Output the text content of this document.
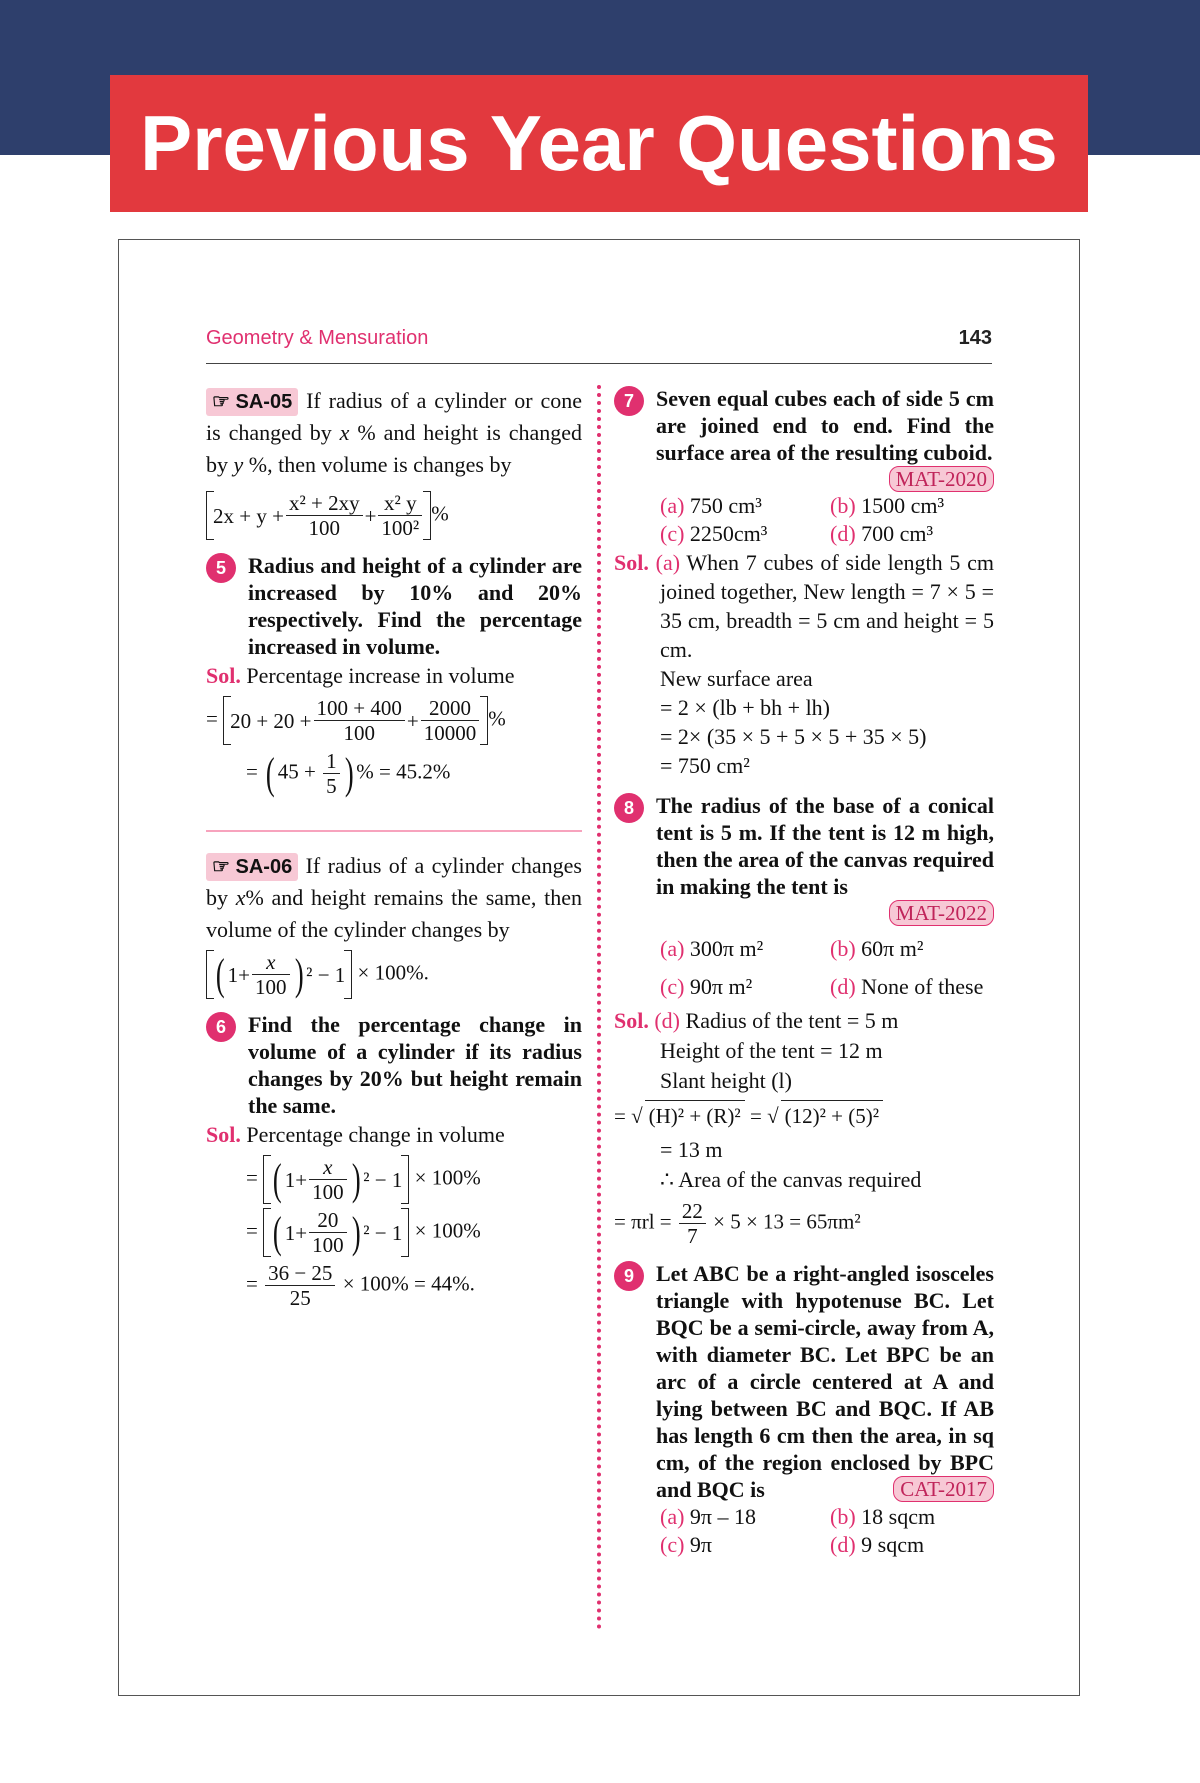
Previous Year Questions
Geometry & Mensuration	143

☞ SA-05 If radius of a cylinder or cone is changed by x % and height is changed by y %, then volume is changes by

$2x + y + \frac{\text{x² + 2xy}}{100} + \frac{\text{x² y}}{\text{100²}}$ %
5	Radius and height of a cylinder are increased by 10% and 20% respectively. Find the percentage increased in volume.

Sol. Percentage increase in volume

= $20 + 20 + \frac{100 + 400}{100} + \frac{2000}{10000}$ %
= ( $45 + \frac{1}{5}$ ) % = 45.2%

☞ SA-06 If radius of a cylinder changes by x% and height remains the same, then volume of the cylinder changes by

( $1+ \frac{x}{100}$ ) ² − 1 × 100%.
6	Find the percentage change in volume of a cylinder if its radius changes by 20% but height remain the same.

Sol. Percentage change in volume

= ( $1+ \frac{x}{100}$ ) ² − 1 × 100%
= ( $1+ \frac{20}{100}$ ) ² − 1 × 100%
= $\frac{36 - 25}{25} \times 100\% = 44\%$.
7	Seven equal cubes each of side 5 cm are joined end to end. Find the surface area of the resulting cuboid.
MAT-2020
(a) 750 cm³	(b) 1500 cm³
(c) 2250cm³	(d) 700 cm³

Sol. (a) When 7 cubes of side length 5 cm joined together, New length = 7 × 5 = 35 cm, breadth = 5 cm and height = 5 cm.

New surface area

= 2 × (lb + bh + lh)

= 2× (35 × 5 + 5 × 5 + 35 × 5)

= 750 cm²

8	The radius of the base of a conical tent is 5 m. If the tent is 12 m high, then the area of the canvas required in making the tent is

MAT-2022
(a) 300π m²	(b) 60π m²
(c) 90π m²	(d) None of these

Sol. (d) Radius of the tent = 5 m

Height of the tent = 12 m

Slant height (l)

= √ (H)² + (R)² = √ (12)² + (5)²

= 13 m

∴ Area of the canvas required

= $\pi rl = \frac{22}{7} \times 5 \times 13 = 65\pi m^2$

9	Let ABC be a right-angled isosceles triangle with hypotenuse BC. Let BQC be a semi-circle, away from A, with diameter BC. Let BPC be an arc of a circle centered at A and lying between BC and BQC. If AB has length 6 cm then the area, in sq cm, of the region enclosed by BPC and BQC is	CAT-2017
(a) 9π – 18	(b) 18 sqcm
(c) 9π	(d) 9 sqcm
